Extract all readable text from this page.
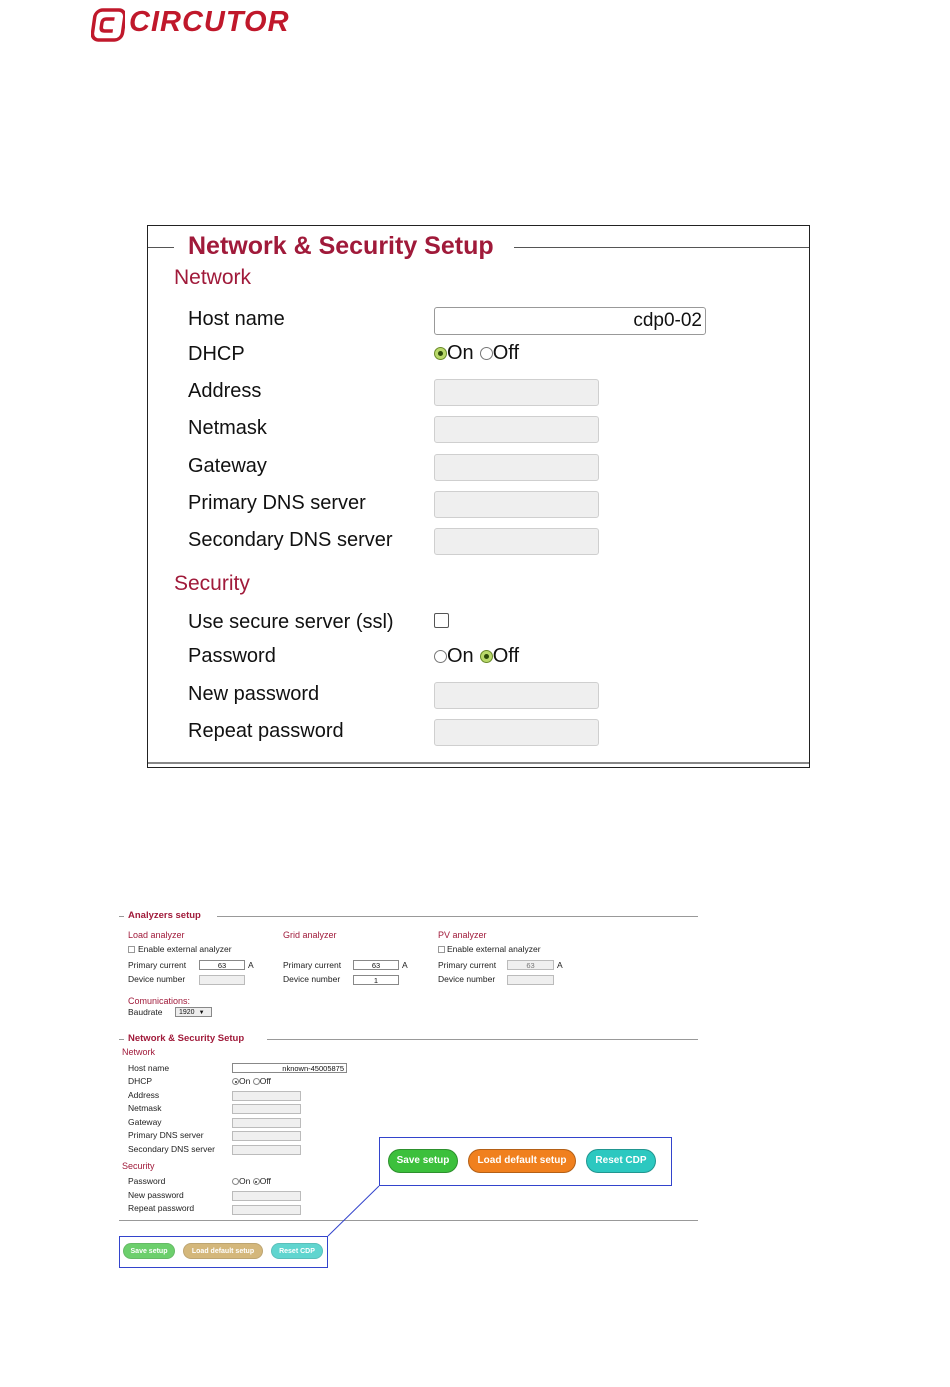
CIRCUTOR
Network & Security Setup
Network
Host name	cdp0-02
DHCP	On Off
Address
Netmask
Gateway
Primary DNS server
Secondary DNS server
Security
Use secure server (ssl)
Password	On Off
New password
Repeat password
Analyzers setup
Load analyzer
Enable external analyzer
Primary current	63	A
Device number
Grid analyzer
Primary current	63	A
Device number	1
PV analyzer
Enable external analyzer
Primary current	63	A
Device number
Comunications:
Baudrate	1920 ▼
Network & Security Setup
Network
Host name	nknown-45005875
DHCP	On Off
Address
Netmask
Gateway
Primary DNS server
Secondary DNS server
Security
Password	On Off
New password
Repeat password
Save setup	Load default setup	Reset CDP
Save setup	Load default setup	Reset CDP
